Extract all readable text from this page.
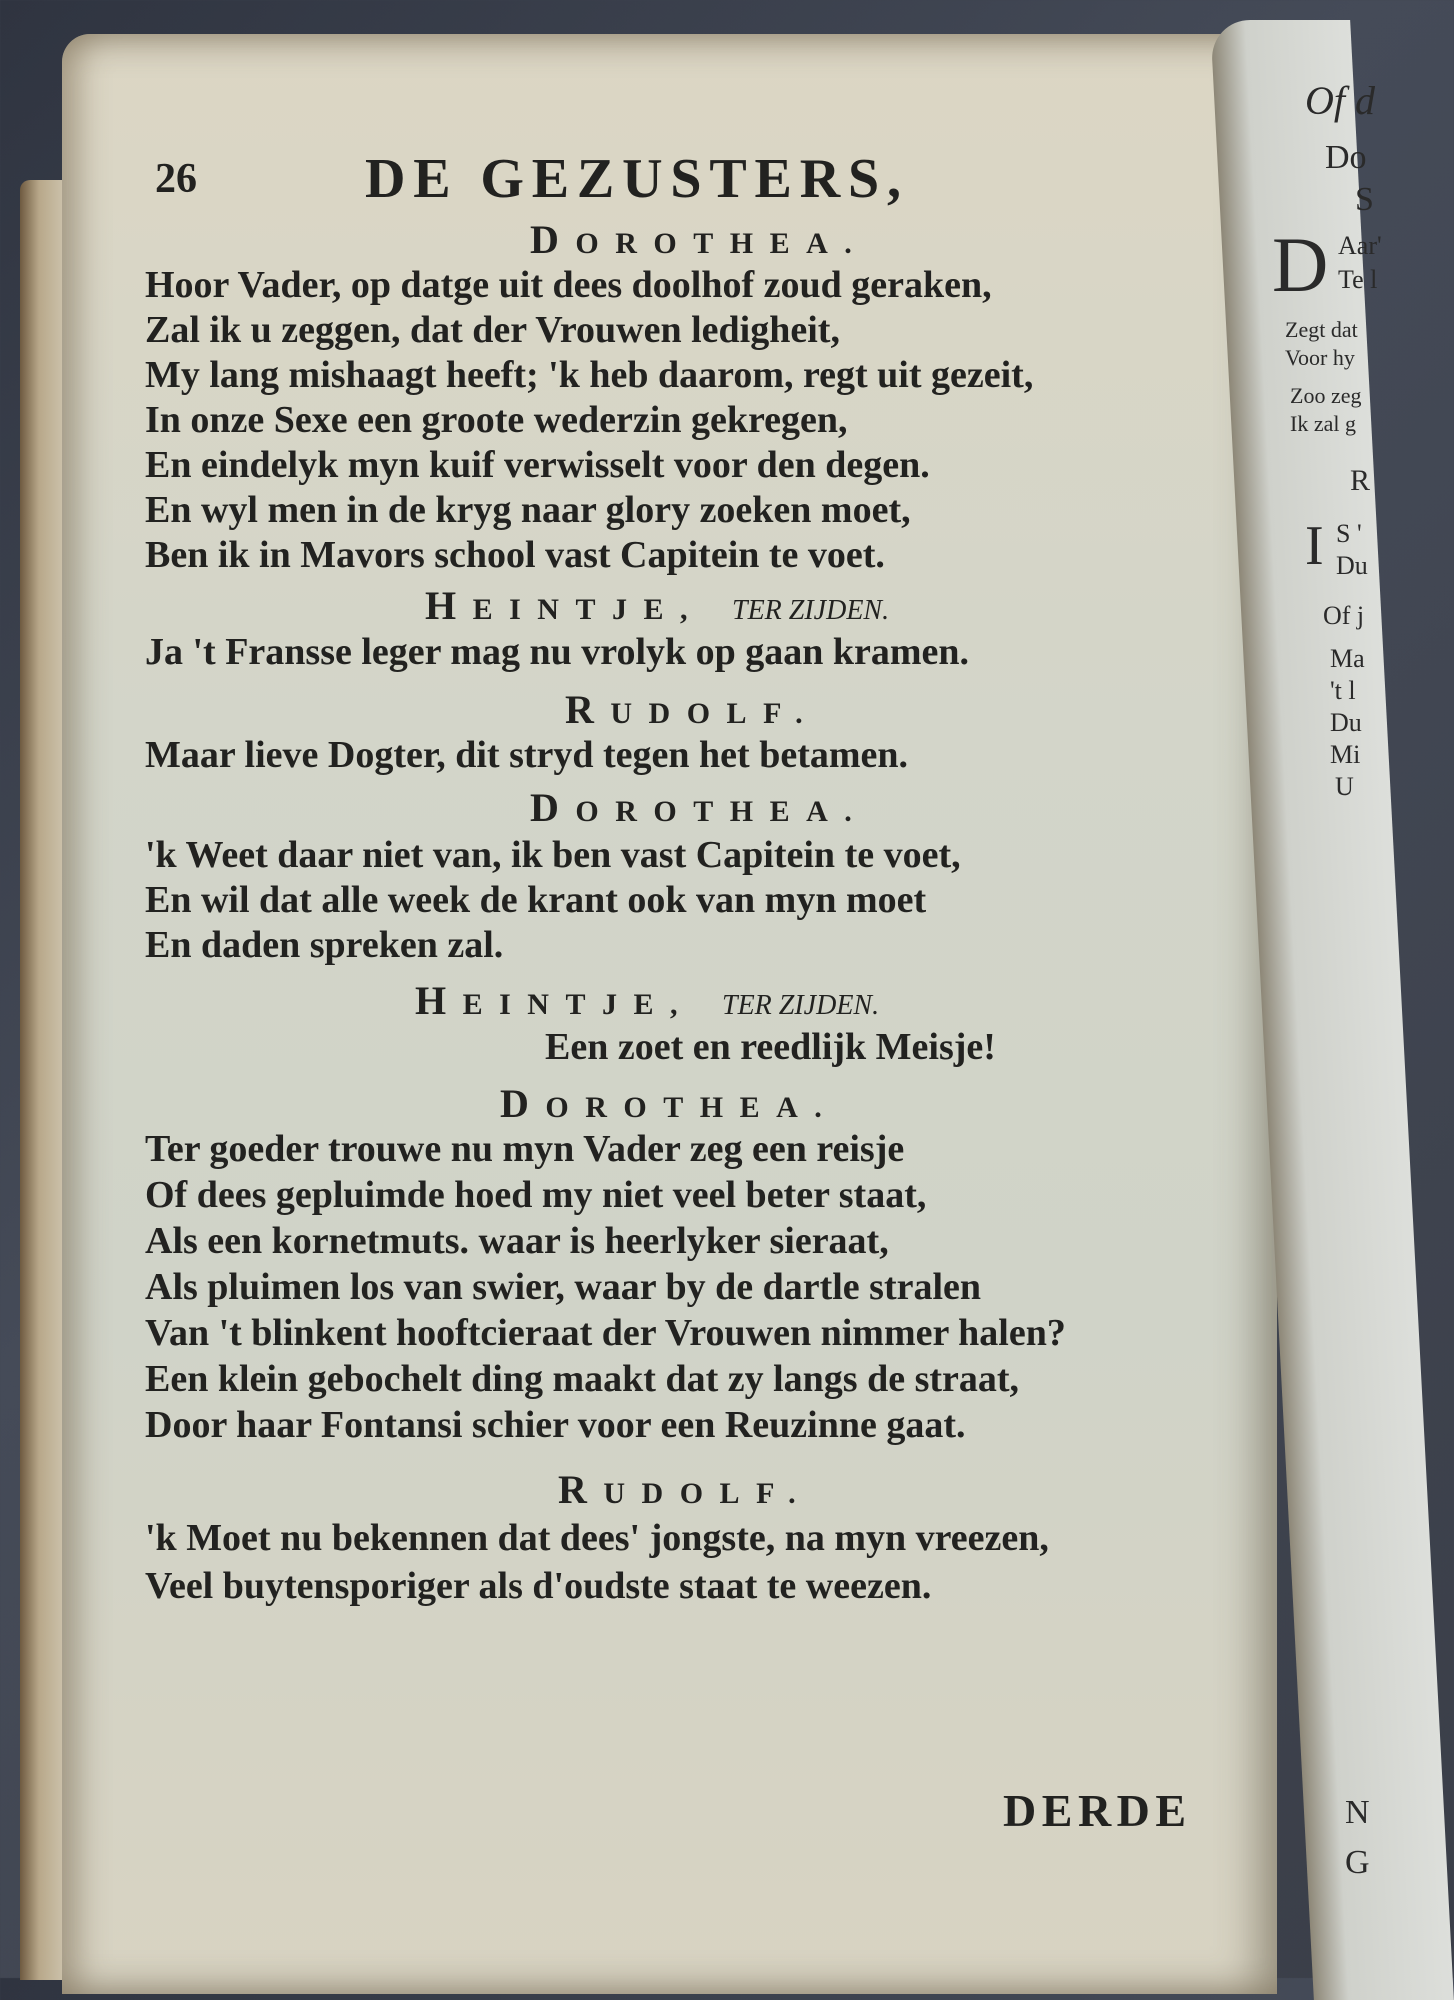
Of d
Do
S
D Aar'
Te l
Zegt dat
Voor hy
Zoo zeg
Ik zal g
R
I S '
Du
Of j
Ma
't l
Du
Mi
U
N
G
26	DE GEZUSTERS,
DOROTHEA.
Hoor Vader, op datge uit dees doolhof zoud geraken,
Zal ik u zeggen, dat der Vrouwen ledigheit,
My lang mishaagt heeft; 'k heb daarom, regt uit gezeit,
In onze Sexe een groote wederzin gekregen,
En eindelyk myn kuif verwisselt voor den degen.
En wyl men in de kryg naar glory zoeken moet,
Ben ik in Mavors school vast Capitein te voet.
HEINTJE, TER ZIJDEN.
Ja 't Fransse leger mag nu vrolyk op gaan kramen.
RUDOLF.
Maar lieve Dogter, dit stryd tegen het betamen.
DOROTHEA.
'k Weet daar niet van, ik ben vast Capitein te voet,
En wil dat alle week de krant ook van myn moet
En daden spreken zal.
HEINTJE, TER ZIJDEN.
Een zoet en reedlijk Meisje!
DOROTHEA.
Ter goeder trouwe nu myn Vader zeg een reisje
Of dees gepluimde hoed my niet veel beter staat,
Als een kornetmuts. waar is heerlyker sieraat,
Als pluimen los van swier, waar by de dartle stralen
Van 't blinkent hooftcieraat der Vrouwen nimmer halen?
Een klein gebochelt ding maakt dat zy langs de straat,
Door haar Fontansi schier voor een Reuzinne gaat.
RUDOLF.
'k Moet nu bekennen dat dees' jongste, na myn vreezen,
Veel buytensporiger als d'oudste staat te weezen.
DERDE
